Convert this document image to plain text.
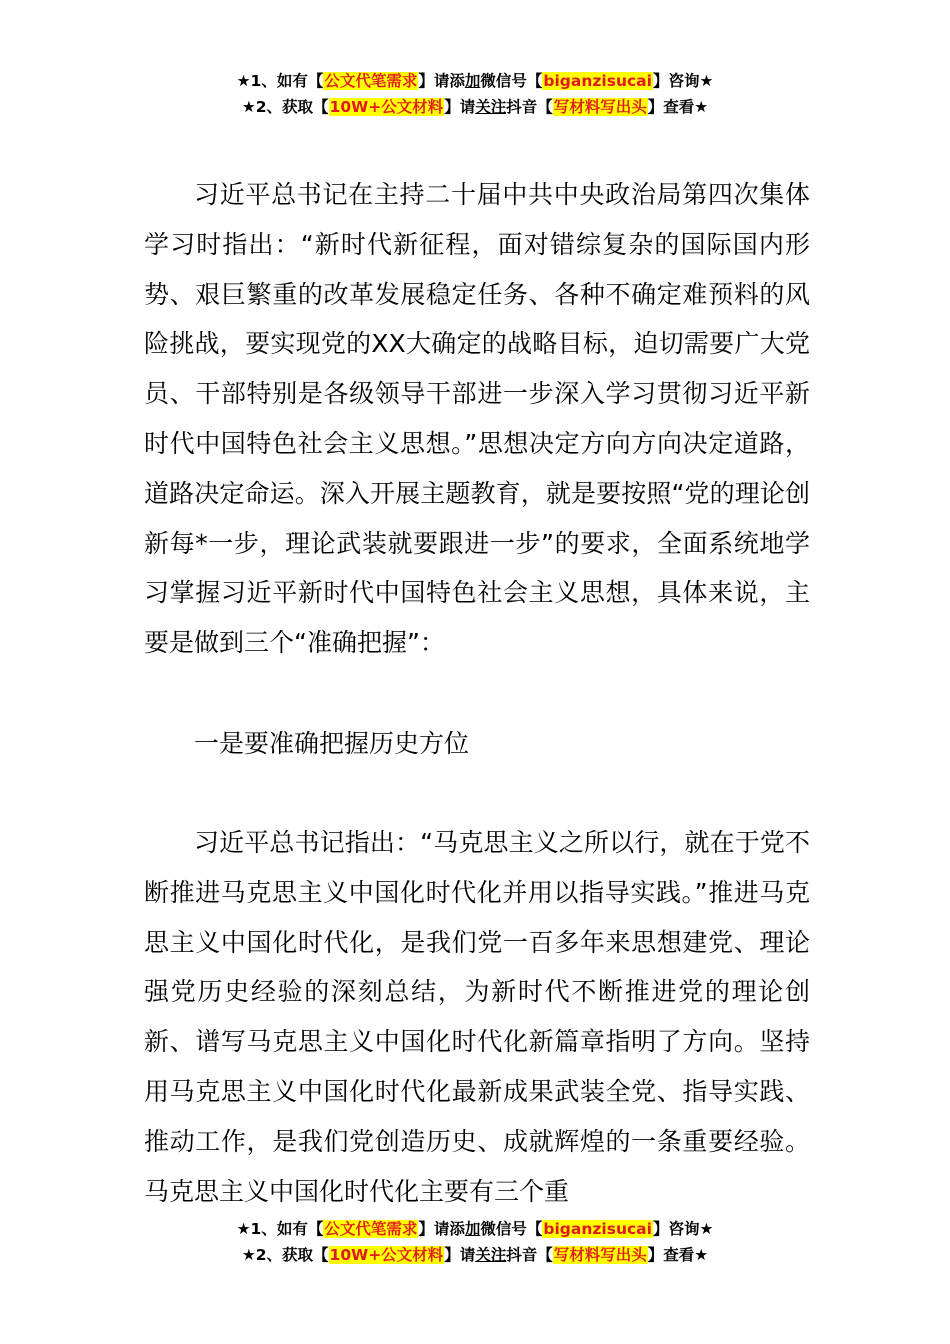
★1、如有【公文代笔需求】请添加微信号【biganzisucai】咨询★
★2、获取【10W+公文材料】请关注抖音【写材料写出头】查看★

习近平总书记在主持二十届中共中央政治局第四次集体学习时指出：“新时代新征程，面对错综复杂的国际国内形势、艰巨繁重的改革发展稳定任务、各种不确定难预料的风险挑战，要实现党的XX大确定的战略目标，迫切需要广大党员、干部特别是各级领导干部进一步深入学习贯彻习近平新时代中国特色社会主义思想。”思想决定方向方向决定道路，道路决定命运。深入开展主题教育，就是要按照“党的理论创新每*一步，理论武装就要跟进一步”的要求，全面系统地学习掌握习近平新时代中国特色社会主义思想，具体来说，主要是做到三个“准确把握”：

一是要准确把握历史方位

习近平总书记指出：“马克思主义之所以行，就在于党不断推进马克思主义中国化时代化并用以指导实践。”推进马克思主义中国化时代化，是我们党一百多年来思想建党、理论强党历史经验的深刻总结，为新时代不断推进党的理论创新、谱写马克思主义中国化时代化新篇章指明了方向。坚持用马克思主义中国化时代化最新成果武装全党、指导实践、推动工作，是我们党创造历史、成就辉煌的一条重要经验。马克思主义中国化时代化主要有三个重

★1、如有【公文代笔需求】请添加微信号【biganzisucai】咨询★
★2、获取【10W+公文材料】请关注抖音【写材料写出头】查看★
